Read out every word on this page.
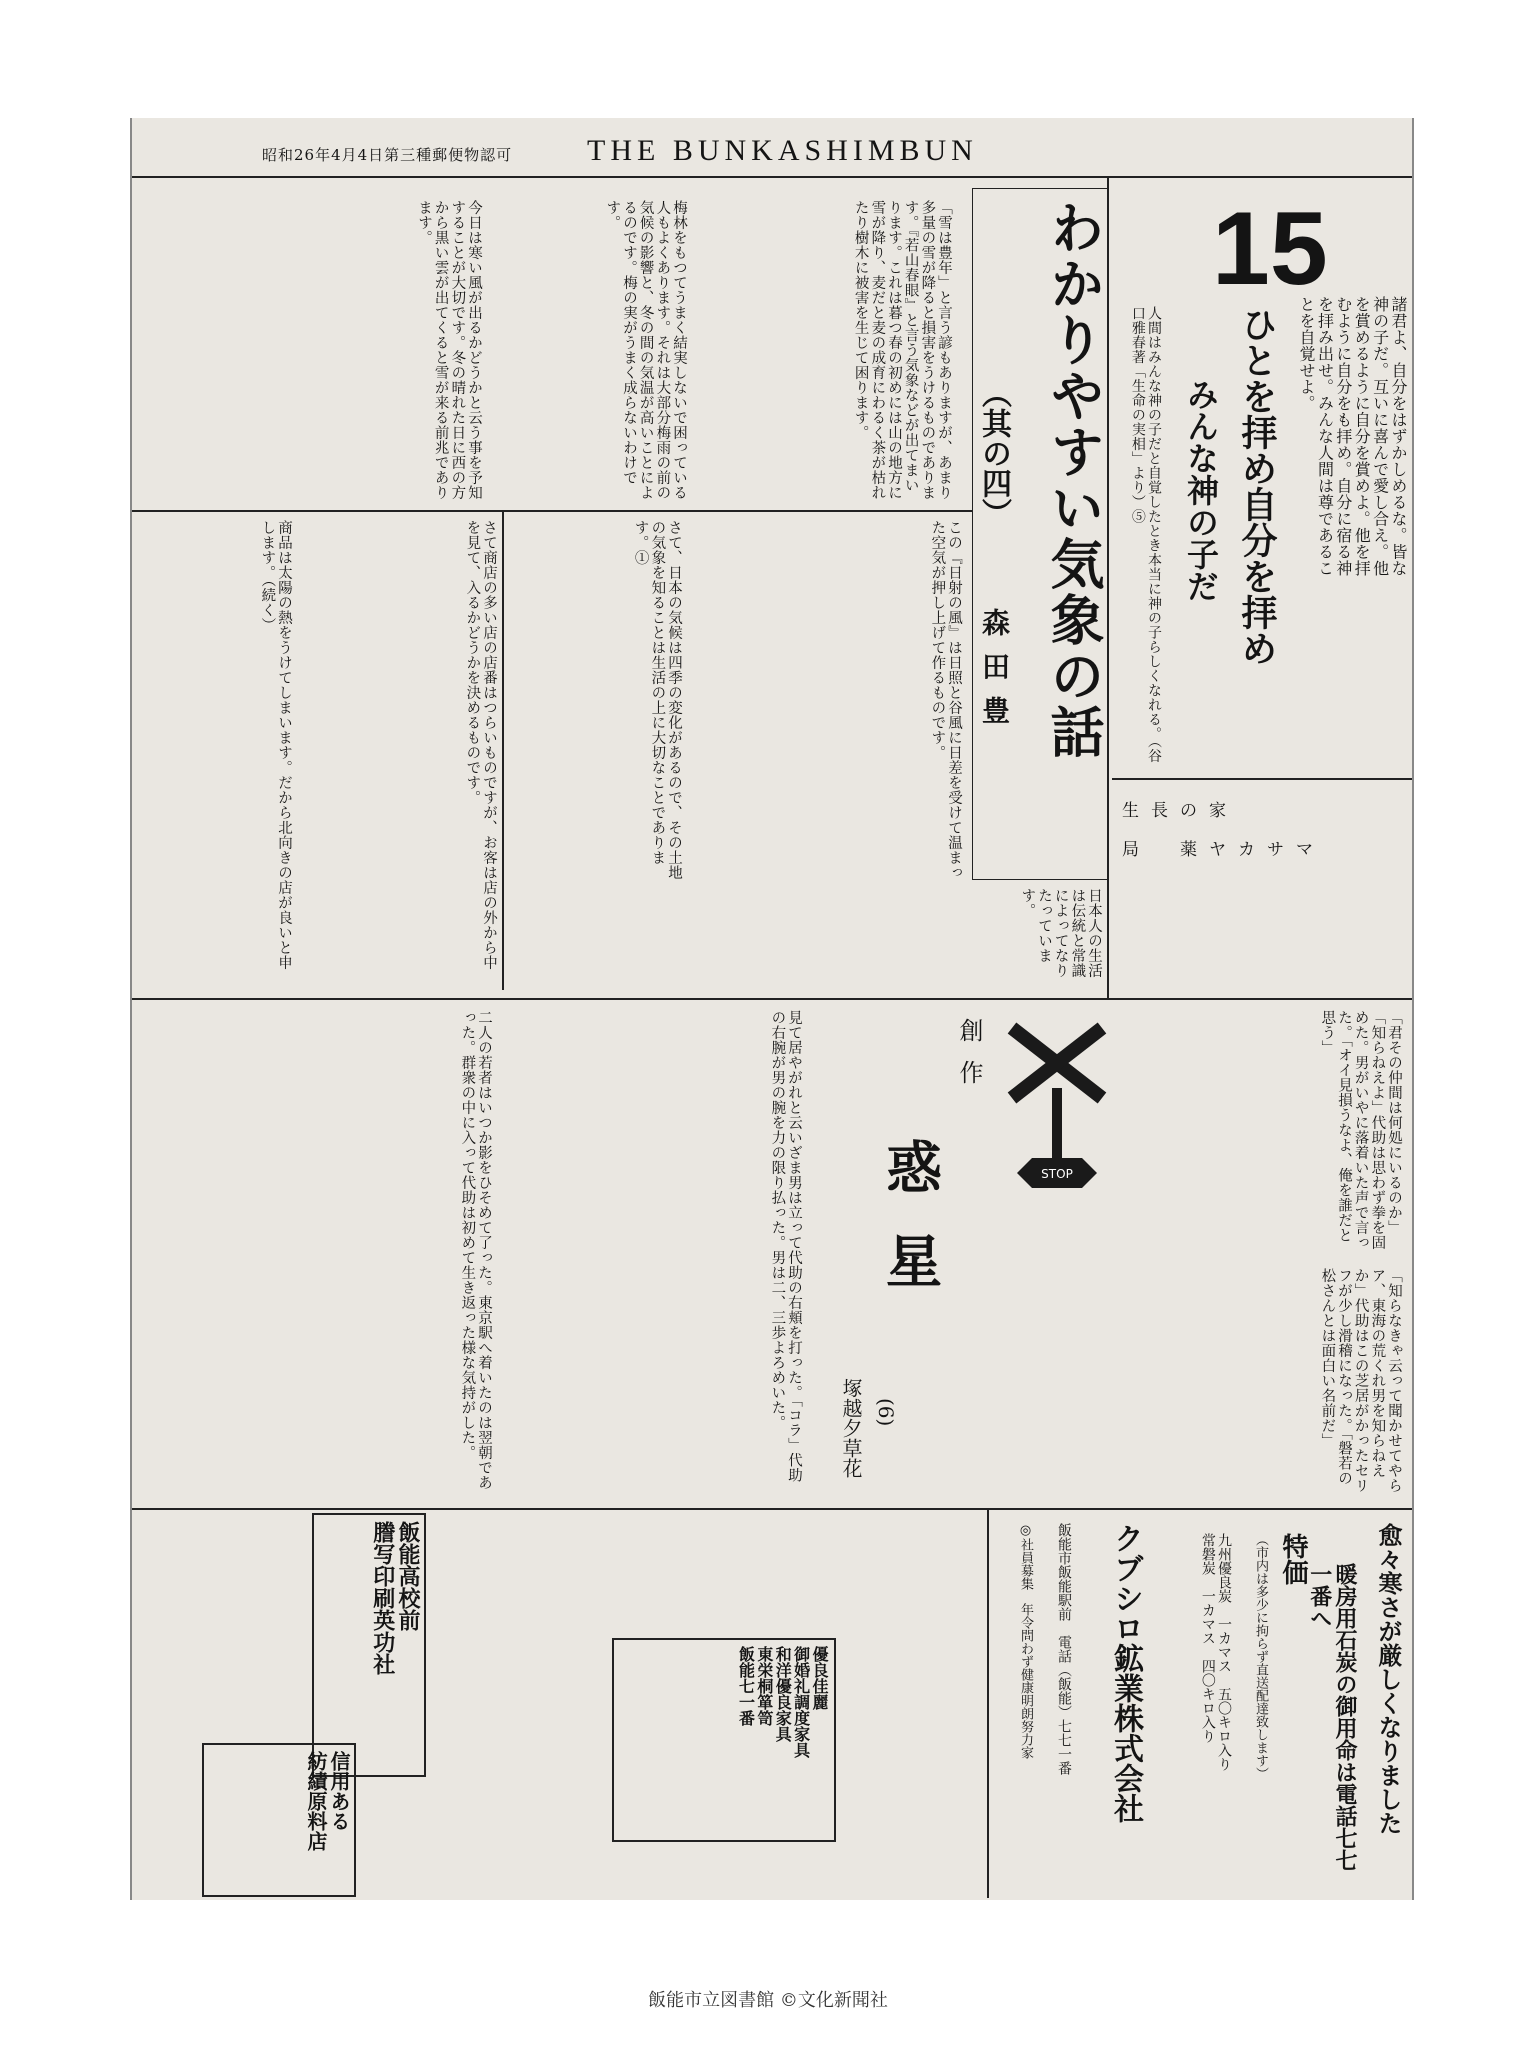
昭和26年4月4日第三種郵便物認可 THE BUNKASHIMBUN
15
諸君よ、自分をはずかしめるな。皆な神の子だ。互いに喜んで愛し合え。他を賞めるように自分を賞めよ。他を拝むように自分をも拝め。自分に宿る神を拝み出せ。みんな人間は尊であることを自覚せよ。
ひとを拝め自分を拝め
みんな神の子だ
人間はみんな神の子だと自覚したとき本当に神の子らしくなれる。（谷口雅春著「生命の実相」より）⑤
生長の家
局　薬ヤカサマ
わかりやすい気象の話
（其の四）
森田豊
「雪は豊年」と言う諺もありますが、あまり多量の雪が降ると損害をうけるものであります。『若山春眼』と言う気象などが出てまいります。これは暮つ春の初めには山の地方に雪が降り、麦だと麦の成育にわるく茶が枯れたり樹木に被害を生じて困ります。
梅林をもつてうまく結実しないで困っている人もよくあります。それは大部分梅雨の前の気候の影響と、冬の間の気温が高いことによるのです。梅の実がうまく成らないわけです。
今日は寒い風が出るかどうかと云う事を予知することが大切です。冬の晴れた日に西の方から黒い雲が出てくると雪が来る前兆であります。
この『日射の風』は日照と谷風に日差を受けて温まった空気が押し上げて作るものです。
さて、日本の気候は四季の変化があるので、その土地の気象を知ることは生活の上に大切なことであります。①
さて商店の多い店の店番はつらいものですが、お客は店の外から中を見て、入るかどうかを決めるものです。
商品は太陽の熱をうけてしまいます。だから北向きの店が良いと申します。（続く）
日本人の生活は伝統と常識によってなりたっています。
「君その仲間は何処にいるのか」「知らねえよ」代助は思わず拳を固めた。男がいやに落着いた声で言った。「オイ見損うなよ、俺を誰だと思う」
「知らなきゃ云って聞かせてやらア、東海の荒くれ男を知らねえか」代助はこの芝居がかったセリフが少し滑稽になった。「磐若の松さんとは面白い名前だ」
STOP
創作
惑星
(6)
塚越夕草花
見て居やがれと云いざま男は立って代助の右頬を打った。「コラ」代助の右腕が男の腕を力の限り払った。男は二、三歩よろめいた。
二人の若者はいつか影をひそめて了った。東京駅へ着いたのは翌朝であった。群衆の中に入って代助は初めて生き返った様な気持がした。
愈々寒さが厳しくなりました
暖房用石炭の御用命は電話七七一番へ
特価
（市内は多少に拘らず直送配達致します）
九州優良炭　一カマス　五〇キロ入り
常磐炭　一カマス　四〇キロ入り
クブシロ鉱業株式会社
飯能市飯能駅前　電話（飯能）七七一番
◎社員募集　年令問わず健康明朗努力家
優良佳麗
御婚礼調度家具
和洋優良家具
東栄桐箪笥
飯能七一番
飯能高校前
謄写印刷英功社
信用ある
紡績原料店
飯能市立図書館 ©文化新聞社
